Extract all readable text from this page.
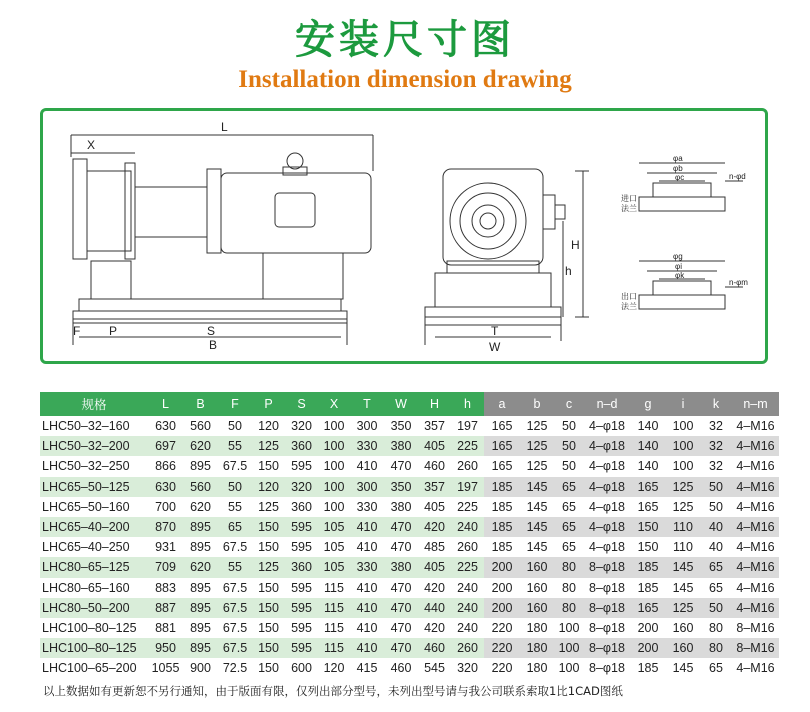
安装尺寸图
Installation dimension drawing
L
X
F P	S
B	W
T
H
h
φa
φb
φc	n-φd
进口
法兰
φg
φi
φk
n-φm
出口
法兰
规格	L	B	F	P	S	X	T	W	H	h	a	b	c	n–d	g	i	k	n–m
LHC50–32–160	630	560	50	120	320	100	300	350	357	197	165	125	50	4–φ18	140	100	32	4–M16
LHC50–32–200	697	620	55	125	360	100	330	380	405	225	165	125	50	4–φ18	140	100	32	4–M16
LHC50–32–250	866	895	67.5	150	595	100	410	470	460	260	165	125	50	4–φ18	140	100	32	4–M16
LHC65–50–125	630	560	50	120	320	100	300	350	357	197	185	145	65	4–φ18	165	125	50	4–M16
LHC65–50–160	700	620	55	125	360	100	330	380	405	225	185	145	65	4–φ18	165	125	50	4–M16
LHC65–40–200	870	895	65	150	595	105	410	470	420	240	185	145	65	4–φ18	150	110	40	4–M16
LHC65–40–250	931	895	67.5	150	595	105	410	470	485	260	185	145	65	4–φ18	150	110	40	4–M16
LHC80–65–125	709	620	55	125	360	105	330	380	405	225	200	160	80	8–φ18	185	145	65	4–M16
LHC80–65–160	883	895	67.5	150	595	115	410	470	420	240	200	160	80	8–φ18	185	145	65	4–M16
LHC80–50–200	887	895	67.5	150	595	115	410	470	440	240	200	160	80	8–φ18	165	125	50	4–M16
LHC100–80–125	881	895	67.5	150	595	115	410	470	420	240	220	180	100	8–φ18	200	160	80	8–M16
LHC100–80–125	950	895	67.5	150	595	115	410	470	460	260	220	180	100	8–φ18	200	160	80	8–M16
LHC100–65–200	1055	900	72.5	150	600	120	415	460	545	320	220	180	100	8–φ18	185	145	65	4–M16
以上数据如有更新恕不另行通知，由于版面有限，仅列出部分型号，未列出型号请与我公司联系索取1比1CAD图纸
